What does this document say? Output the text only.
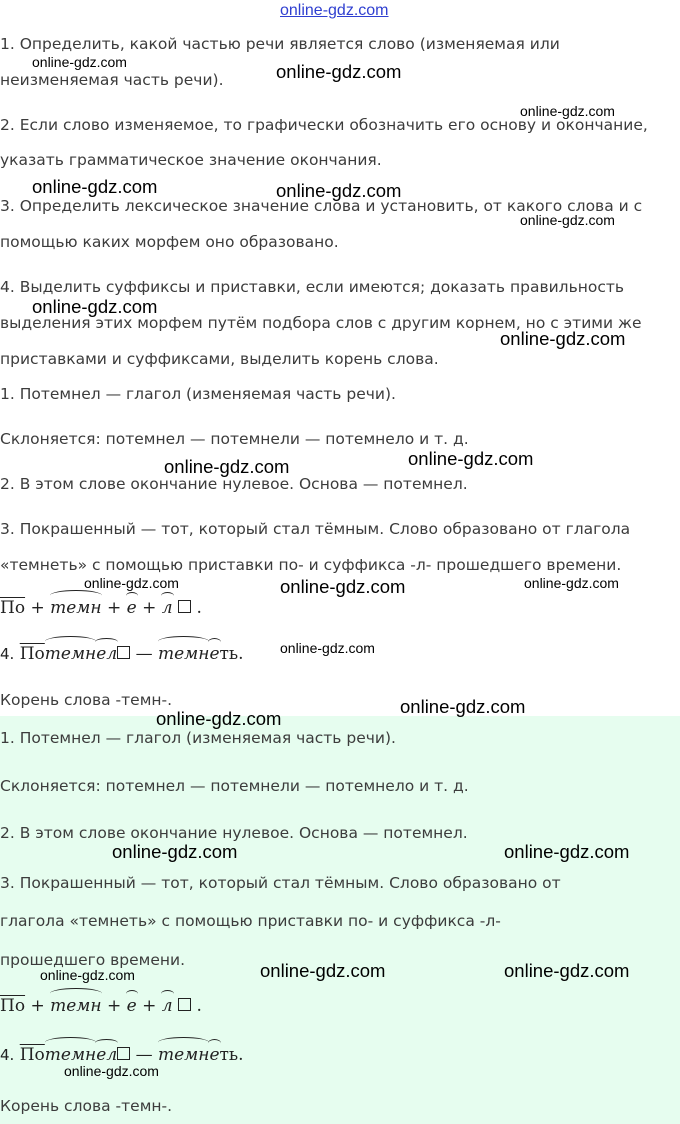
online-gdz.com

1. Определить, какой частью речи является слово (изменяемая или

неизменяемая часть речи).

2. Если слово изменяемое, то графически обозначить его основу и окончание,

указать грамматическое значение окончания.

3. Определить лексическое значение слова и установить, от какого слова и с

помощью каких морфем оно образовано.

4. Выделить суффиксы и приставки, если имеются; доказать правильность

выделения этих морфем путём подбора слов с другим корнем, но с этими же

приставками и суффиксами, выделить корень слова.

1. Потемнел — глагол (изменяемая часть речи).

Склоняется: потемнел — потемнели — потемнело и т. д.

2. В этом слове окончание нулевое. Основа — потемнел.

3. Покрашенный — тот, который стал тёмным. Слово образовано от глагола

«темнеть» с помощью приставки по- и суффикса -л- прошедшего времени.

По + темн + е + л .
4. Потемнел — темнеть.

Корень слова -темн-.

1. Потемнел — глагол (изменяемая часть речи).

Склоняется: потемнел — потемнели — потемнело и т. д.

2. В этом слове окончание нулевое. Основа — потемнел.

3. Покрашенный — тот, который стал тёмным. Слово образовано от

глагола «темнеть» с помощью приставки по- и суффикса -л-

прошедшего времени.

По + темн + е + л .
4. Потемнел — темнеть.

Корень слова -темн-.

online-gdz.com	online-gdz.com
online-gdz.com
online-gdz.com	online-gdz.com
online-gdz.com
online-gdz.com
online-gdz.com
online-gdz.com	online-gdz.com
online-gdz.com	online-gdz.com	online-gdz.com
online-gdz.com
online-gdz.com
online-gdz.com
online-gdz.com	online-gdz.com
online-gdz.com	online-gdz.com
online-gdz.com
online-gdz.com
